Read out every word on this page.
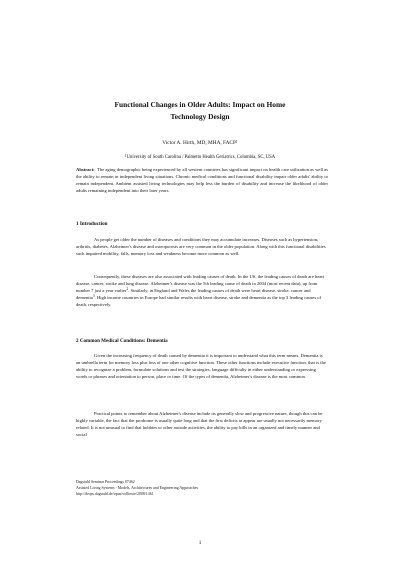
Functional Changes in Older Adults: Impact on Home
Technology Design
Victor A. Hirth, MD, MHA, FACP$^1$
$^1$University of South Carolina / Palmetto Health Geriatrics, Columbia, SC, USA
Abstract: The aging demographic being experienced by all western countries has significant impact on health care utilization as well as the ability to remain in independent living situations. Chronic medical conditions and functional disability impair older adults' ability to remain independent. Ambient assisted living technologies may help less the burden of disability and increase the likelihood of older adults remaining independent into their later years.
1 Introduction
As people get older the number of diseases and conditions they may accumulate increases. Diseases such as hypertension, arthritis, diabetes, Alzheimer's disease and osteoporosis are very common in the older population. Along with this functional disabilities such impaired mobility, falls, memory loss and weakness become more common as well.
Consequently, these diseases are also associated with leading causes of death. In the US, the leading causes of death are heart disease, cancer, stroke and lung disease. Alzheimer's disease was the 5th leading cause of death in 2004 (most recent data), up from number 7 just a year earlier$^2$. Similarly, in England and Wales the leading causes of death were heart disease, stroke, cancer and dementia$^3$. High income countries in Europe had similar results with heart disease, stroke and dementia as the top 3 leading causes of death, respectively.
2 Common Medical Conditions: Dementia
Given the increasing frequency of death caused by dementia it is important to understand what this term means. Dementia is an umbrella term for memory loss plus loss of one other cognitive function. These other functions include executive function, that is the ability to recognize a problem, formulate solutions and test the strategies, language difficulty in either understanding or expressing words or phrases and orientation to person, place or time. Of the types of dementia, Alzheimer's disease is the most common.
Practical points to remember about Alzheimer's disease include its generally slow and progressive nature, though this can be highly variable, the fact that the prodrome is usually quite long and that the first deficits to appear are usually not necessarily memory related. It is not unusual to find that hobbies or other outside activities, the ability to pay bills in an organized and timely manner and social
Dagstuhl Seminar Proceedings 07462
Assisted Living Systems - Models, Architectures and Engineering Approaches
http://drops.dagstuhl.de/opus/volltexte/2008/1461
1
